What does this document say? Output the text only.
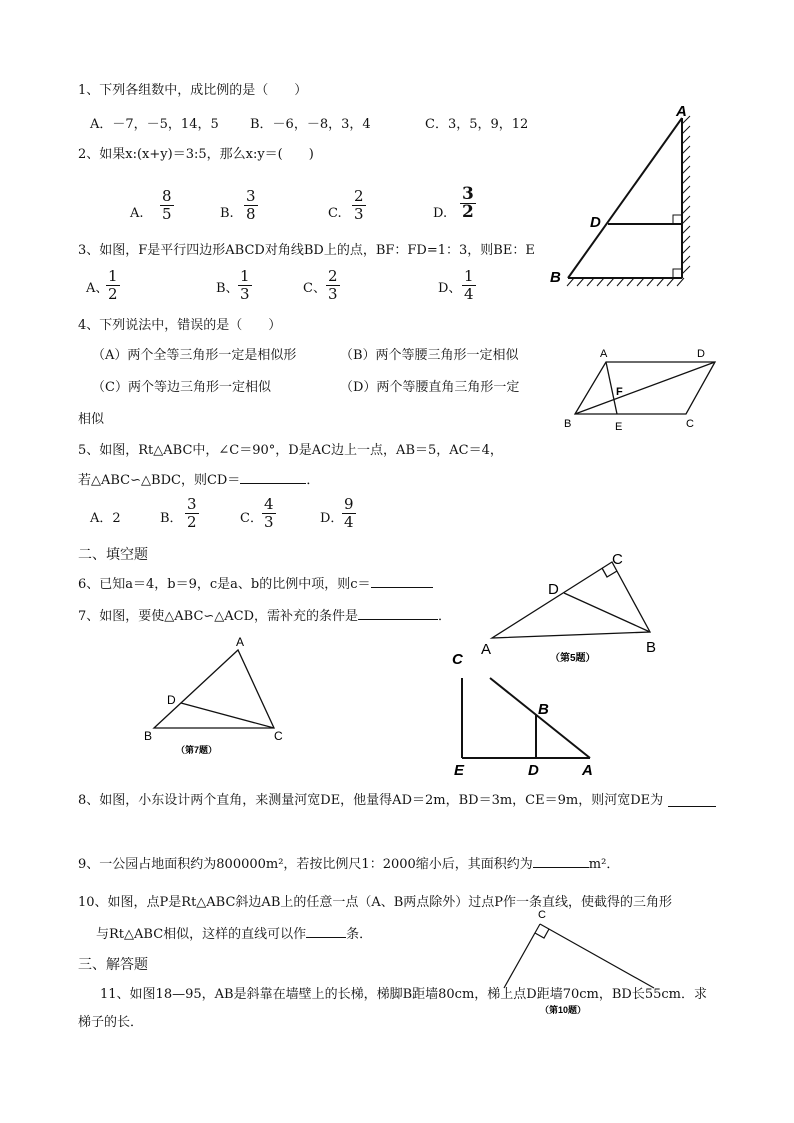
1、下列各组数中，成比例的是（　　）
A．－7，－5，14，5 B．－6，－8，3，4	C．3，5，9，12
2、如果x:(x+y)＝3:5，那么x:y＝(　　)
A. $\frac{8}{5}$	B. $\frac{3}{8}$	C. $\frac{2}{3}$	D. $\frac{3}{2}$
3、如图，F是平行四边形ABCD对角线BD上的点，BF：FD=1：3，则BE：E
A、
$\frac{1}{2}$	B、 $\frac{1}{3}$	C、 $\frac{2}{3}$	D、 $\frac{1}{4}$
4、下列说法中，错误的是（　　）
（A）两个全等三角形一定是相似形	（B）两个等腰三角形一定相似
（C）两个等边三角形一定相似	（D）两个等腰直角三角形一定
相似
5、如图，Rt△ABC中，∠C＝90°，D是AC边上一点，AB＝5，AC＝4，
若△ABC∽△BDC，则CD＝	．
A．2	B． $\frac{3}{2}$	C． $\frac{4}{3}$	D．
$\frac{9}{4}$
二、填空题
6、已知a＝4，b＝9，c是a、b的比例中项，则c＝
7、如图，要使△ABC∽△ACD，需补充的条件是	．
8、如图，小东设计两个直角，来测量河宽DE，他量得AD＝2m，BD＝3m，CE＝9m，则河宽DE为
9、一公园占地面积约为800000m²，若按比例尺1：2000缩小后，其面积约为	m²．
10、如图，点P是Rt△ABC斜边AB上的任意一点（A、B两点除外）过点P作一条直线，使截得的三角形
与Rt△ABC相似，这样的直线可以作	条．
三、解答题
11、如图18—95，AB是斜靠在墙壁上的长梯，梯脚B距墙80cm，梯上点D距墙70cm，BD长55cm．求
梯子的长．
A
D
B
A	D
F
B	E	C
C
D
A	B
（第5题）
A
D
B	C
（第7题）
C
B
E	D	A
C
（第10题）
